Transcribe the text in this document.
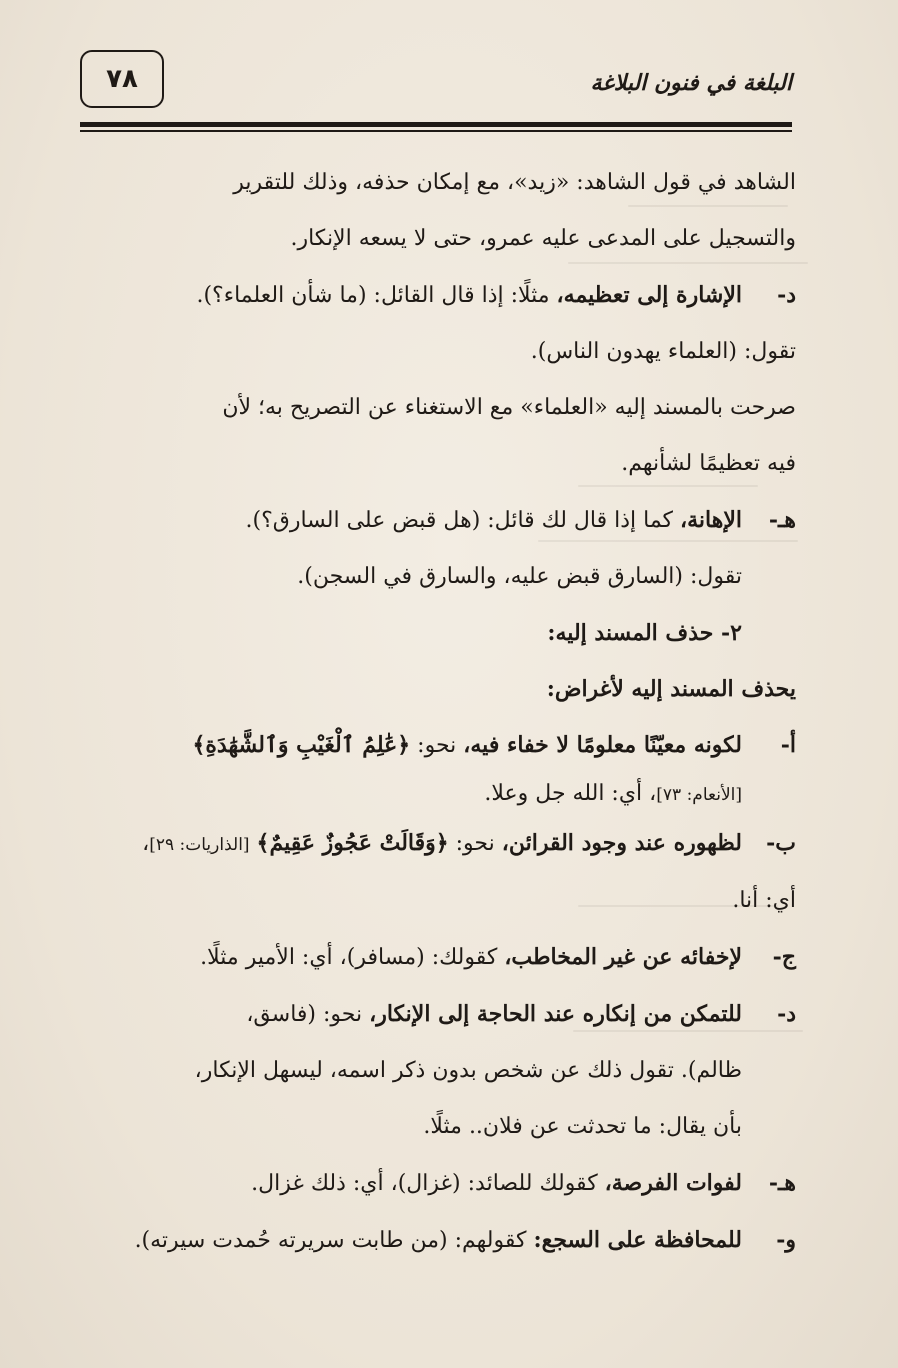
٧٨	البلغة في فنون البلاغة

الشاهد في قول الشاهد: «زيد»، مع إمكان حذفه، وذلك للتقرير
والتسجيل على المدعى عليه عمرو، حتى لا يسعه الإنكار.

د-
الإشارة إلى تعظيمه، مثلًا: إذا قال القائل: (ما شأن العلماء؟).
تقول: (العلماء يهدون الناس).
صرحت بالمسند إليه «العلماء» مع الاستغناء عن التصريح به؛ لأن
فيه تعظيمًا لشأنهم.
هـ-
الإهانة، كما إذا قال لك قائل: (هل قبض على السارق؟).
تقول: (السارق قبض عليه، والسارق في السجن).
٢- حذف المسند إليه:
يحذف المسند إليه لأغراض:
أ-
لكونه معيّنًا معلومًا لا خفاء فيه، نحو: ﴿عَٰلِمُ ٱلْغَيْبِ وَٱلشَّهَٰدَةِ﴾
[الأنعام: ٧٣]، أي: الله جل وعلا.
ب-
لظهوره عند وجود القرائن، نحو: ﴿وَقَالَتْ عَجُوزٌ عَقِيمٌ﴾ [الذاريات: ٢٩]،
أي: أنا.
ج-
لإخفائه عن غير المخاطب، كقولك: (مسافر)، أي: الأمير مثلًا.
د-
للتمكن من إنكاره عند الحاجة إلى الإنكار، نحو: (فاسق،
ظالم). تقول ذلك عن شخص بدون ذكر اسمه، ليسهل الإنكار،
بأن يقال: ما تحدثت عن فلان.. مثلًا.
هـ-
لفوات الفرصة، كقولك للصائد: (غزال)، أي: ذلك غزال.
و-
للمحافظة على السجع: كقولهم: (من طابت سريرته حُمدت سيرته).
